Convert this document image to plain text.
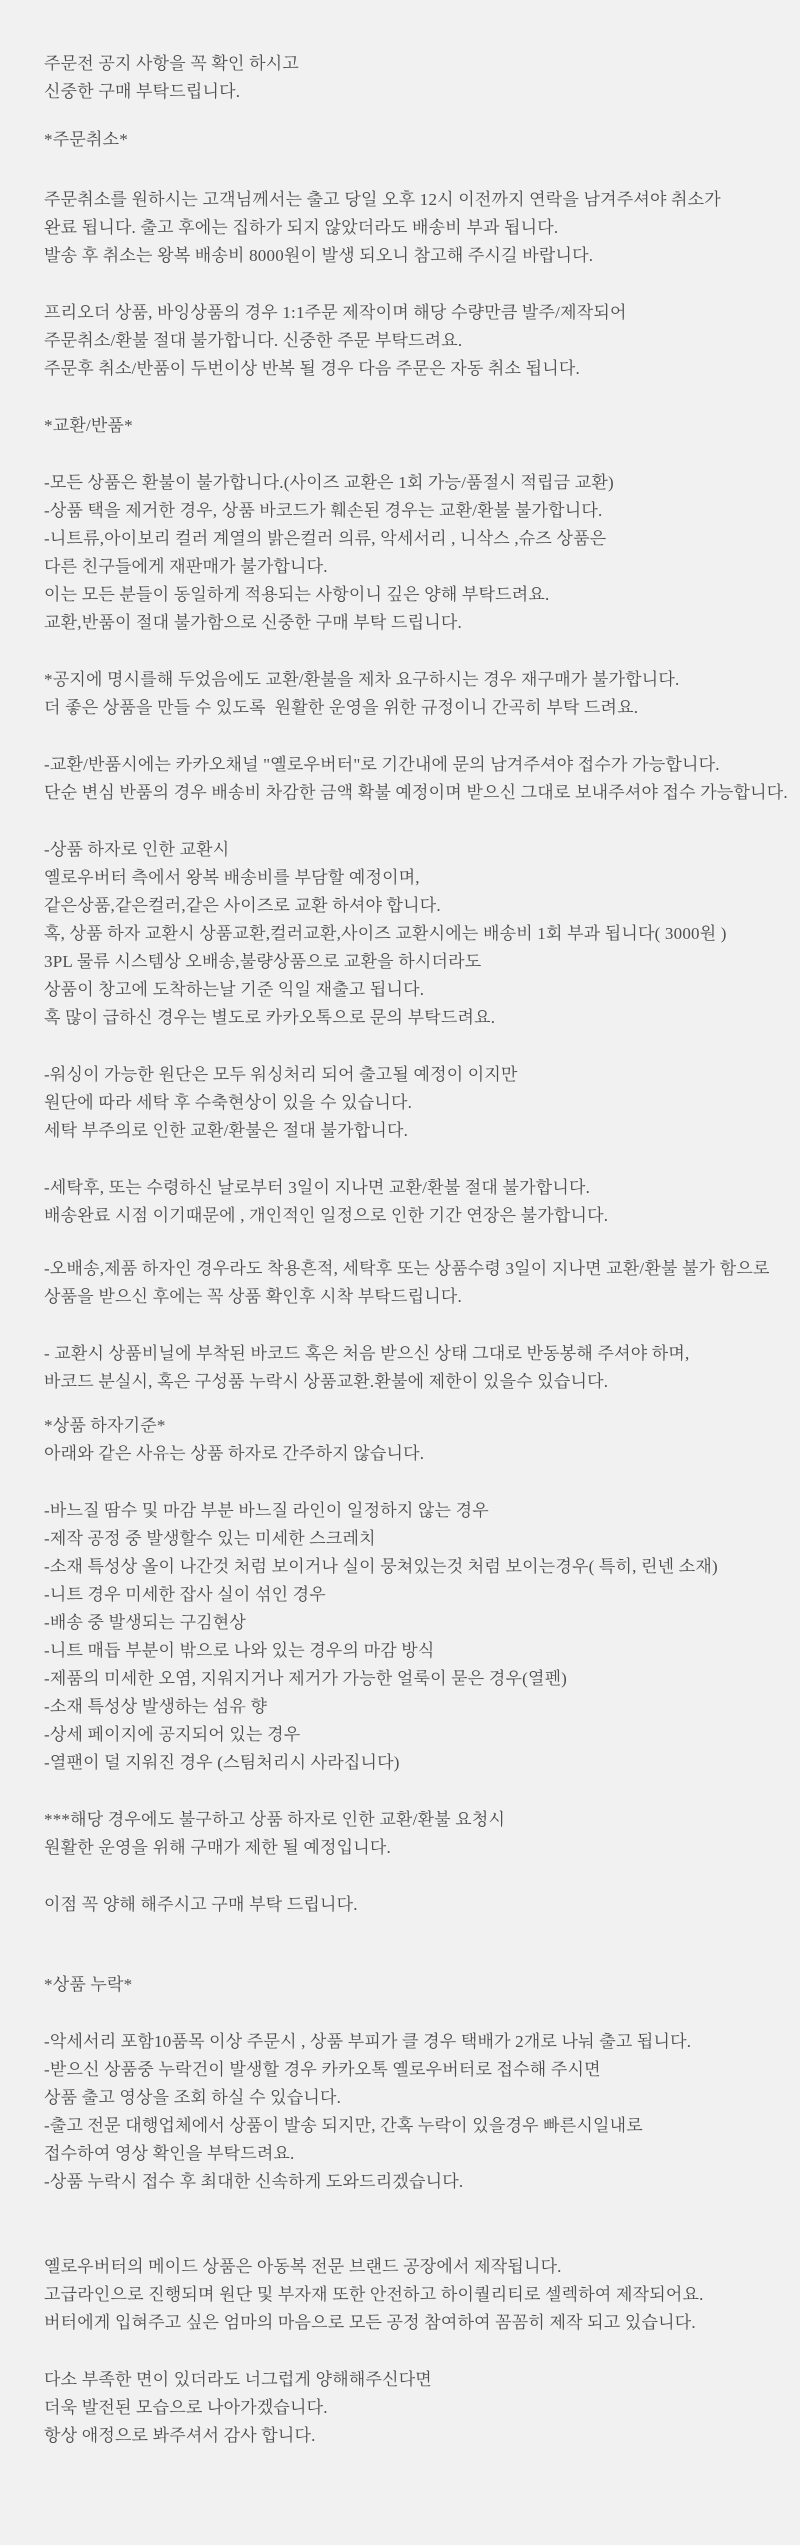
주문전 공지 사항을 꼭 확인 하시고
신중한 구매 부탁드립니다.
*주문취소*
주문취소를 원하시는 고객님께서는 출고 당일 오후 12시 이전까지 연락을 남겨주셔야 취소가
완료 됩니다. 출고 후에는 집하가 되지 않았더라도 배송비 부과 됩니다.
발송 후 취소는 왕복 배송비 8000원이 발생 되오니 참고해 주시길 바랍니다.
프리오더 상품, 바잉상품의 경우 1:1주문 제작이며 해당 수량만큼 발주/제작되어
주문취소/환불 절대 불가합니다. 신중한 주문 부탁드려요.
주문후 취소/반품이 두번이상 반복 될 경우 다음 주문은 자동 취소 됩니다.
*교환/반품*
-모든 상품은 환불이 불가합니다.(사이즈 교환은 1회 가능/품절시 적립금 교환)
-상품 택을 제거한 경우, 상품 바코드가 훼손된 경우는 교환/환불 불가합니다.
-니트류,아이보리 컬러 계열의 밝은컬러 의류, 악세서리 , 니삭스 ,슈즈 상품은
다른 친구들에게 재판매가 불가합니다.
이는 모든 분들이 동일하게 적용되는 사항이니 깊은 양해 부탁드려요.
교환,반품이 절대 불가함으로 신중한 구매 부탁 드립니다.
*공지에 명시를해 두었음에도 교환/환불을 제차 요구하시는 경우 재구매가 불가합니다.
더 좋은 상품을 만들 수 있도록  원활한 운영을 위한 규정이니 간곡히 부탁 드려요.
-교환/반품시에는 카카오채널 "옐로우버터"로 기간내에 문의 남겨주셔야 접수가 가능합니다.
단순 변심 반품의 경우 배송비 차감한 금액 확불 예정이며 받으신 그대로 보내주셔야 접수 가능합니다.
-상품 하자로 인한 교환시
옐로우버터 측에서 왕복 배송비를 부담할 예정이며,
같은상품,같은컬러,같은 사이즈로 교환 하셔야 합니다.
혹, 상품 하자 교환시 상품교환,컬러교환,사이즈 교환시에는 배송비 1회 부과 됩니다( 3000원 )
3PL 물류 시스템상 오배송,불량상품으로 교환을 하시더라도
상품이 창고에 도착하는날 기준 익일 재출고 됩니다.
혹 많이 급하신 경우는 별도로 카카오톡으로 문의 부탁드려요.
-워싱이 가능한 원단은 모두 워싱처리 되어 출고될 예정이 이지만
원단에 따라 세탁 후 수축현상이 있을 수 있습니다.
세탁 부주의로 인한 교환/환불은 절대 불가합니다.
-세탁후, 또는 수령하신 날로부터 3일이 지나면 교환/환불 절대 불가합니다.
배송완료 시점 이기때문에 , 개인적인 일정으로 인한 기간 연장은 불가합니다.
-오배송,제품 하자인 경우라도 착용흔적, 세탁후 또는 상품수령 3일이 지나면 교환/환불 불가 함으로
상품을 받으신 후에는 꼭 상품 확인후 시착 부탁드립니다.
- 교환시 상품비닐에 부착된 바코드 혹은 처음 받으신 상태 그대로 반동봉해 주셔야 하며,
바코드 분실시, 혹은 구성품 누락시 상품교환.환불에 제한이 있을수 있습니다.
*상품 하자기준*
아래와 같은 사유는 상품 하자로 간주하지 않습니다.
-바느질 땀수 및 마감 부분 바느질 라인이 일정하지 않는 경우
-제작 공정 중 발생할수 있는 미세한 스크레치
-소재 특성상 올이 나간것 처럼 보이거나 실이 뭉쳐있는것 처럼 보이는경우( 특히, 린넨 소재)
-니트 경우 미세한 잡사 실이 섞인 경우
-배송 중 발생되는 구김현상
-니트 매듭 부분이 밖으로 나와 있는 경우의 마감 방식
-제품의 미세한 오염, 지워지거나 제거가 가능한 얼룩이 묻은 경우(열펜)
-소재 특성상 발생하는 섬유 향
-상세 페이지에 공지되어 있는 경우
-열팬이 덜 지워진 경우 (스팀처리시 사라집니다)
***해당 경우에도 불구하고 상품 하자로 인한 교환/환불 요청시
원활한 운영을 위해 구매가 제한 될 예정입니다.
이점 꼭 양해 해주시고 구매 부탁 드립니다.
*상품 누락*
-악세서리 포함10품목 이상 주문시 , 상품 부피가 클 경우 택배가 2개로 나눠 출고 됩니다.
-받으신 상품중 누락건이 발생할 경우 카카오톡 옐로우버터로 접수해 주시면
상품 출고 영상을 조회 하실 수 있습니다.
-출고 전문 대행업체에서 상품이 발송 되지만, 간혹 누락이 있을경우 빠른시일내로
접수하여 영상 확인을 부탁드려요.
-상품 누락시 접수 후 최대한 신속하게 도와드리겠습니다.
옐로우버터의 메이드 상품은 아동복 전문 브랜드 공장에서 제작됩니다.
고급라인으로 진행되며 원단 및 부자재 또한 안전하고 하이퀄리티로 셀렉하여 제작되어요.
버터에게 입혀주고 싶은 엄마의 마음으로 모든 공정 참여하여 꼼꼼히 제작 되고 있습니다.
다소 부족한 면이 있더라도 너그럽게 양해해주신다면
더욱 발전된 모습으로 나아가겠습니다.
항상 애정으로 봐주셔서 감사 합니다.
